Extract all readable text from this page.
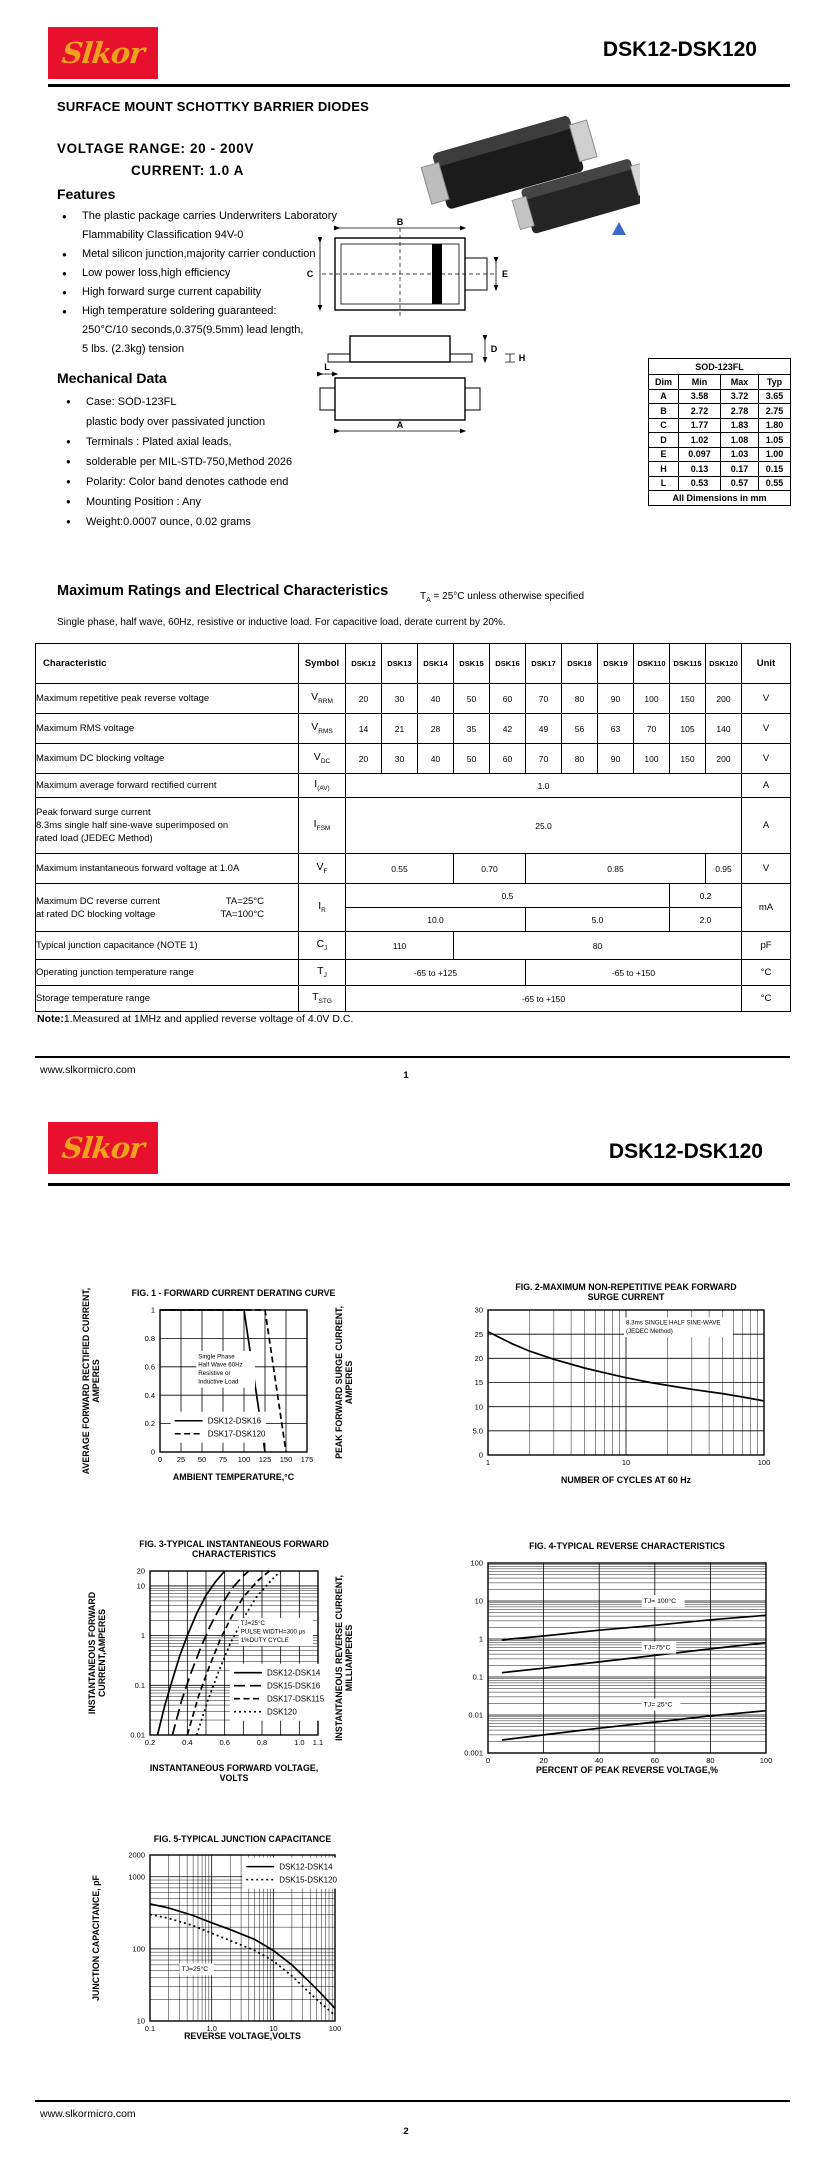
Slkor	DSK12-DSK120
SURFACE MOUNT SCHOTTKY BARRIER DIODES
VOLTAGE RANGE: 20 - 200V
CURRENT: 1.0 A
Features
●	The plastic package carries Underwriters Laboratory
Flammability Classification 94V-0
●	Metal silicon junction,majority carrier conduction
●	Low power loss,high efficiency
●	High forward surge current capability
●	High temperature soldering guaranteed:
250°C/10 seconds,0.375(9.5mm) lead length,
5 lbs. (2.3kg) tension
Mechanical Data
●	Case: SOD-123FL
plastic body over passivated junction
●	Terminals : Plated axial leads,
●	solderable per MIL-STD-750,Method 2026
●	Polarity: Color band denotes cathode end
●	Mounting Position : Any
●	Weight:0.0007 ounce, 0.02 grams
B
C	E
D
H
L
A
SOD-123FL			
Dim	Min	Max	Typ
A	3.58	3.72	3.65
B	2.72	2.78	2.75
C	1.77	1.83	1.80
D	1.02	1.08	1.05
E	0.097	1.03	1.00
H	0.13	0.17	0.15
L	0.53	0.57	0.55
All Dimensions in mm			
Maximum Ratings and Electrical Characteristics	$T_A = 25^\circ C$ unless otherwise specified
Single phase, half wave, 60Hz, resistive or inductive load. For capacitive load, derate current by 20%.
Characteristic	Symbol	DSK12	DSK13	DSK14	DSK15	DSK16	DSK17	DSK18	DSK19	DSK110	DSK115	DSK120	Unit

Maximum repetitive peak reverse voltage	$V_{RRM}$	20	30	40	50	60	70	80	90	100	150	200	V

Maximum RMS voltage	$V_{RMS}$	14	21	28	35	42	49	56	63	70	105	140	V

Maximum DC blocking voltage	$V_{DC}$	20	30	40	50	60	70	80	90	100	150	200	V

Maximum average forward rectified current	$I_{(AV)}$	1.0											A

Peak forward surge current
8.3ms single half sine-wave superimposed on
rated load (JEDEC Method)	$I_{FSM}$	25.0											A

Maximum instantaneous forward voltage at 1.0A	$V_F$	0.55			0.70		0.85					0.95	V

Maximum DC reverse current TA=25°C
at rated DC blocking voltage TA=100°C	$I_R$	0.5									0.2		mA
		10.0					5.0				2.0		

Typical junction capacitance (NOTE 1)	$C_J$	110			80								pF

Operating junction temperature range	$T_J$	-65 to +125					-65 to +150						°C

Storage temperature range	$T_{STG}$	-65 to +150											°C
Note:1.Measured at 1MHz and applied reverse voltage of 4.0V D.C.
www.slkormicro.com	1
Slkor	DSK12-DSK120
0 25 50 75 100 125 150 175
0
0.2
0.4
0.6
0.8
1
FIG. 1 - FORWARD CURRENT DERATING CURVE
AMBIENT TEMPERATURE,°C
AVERAGE FORWARD RECTIFIED CURRENT, AMPERES
DSK12-DSK16
DSK17-DSK120
Single Phase
Half Wave 60Hz
Resistive or
Inductive Load
1	10	100
0
5.0
10
15
20
25
30
FIG. 2-MAXIMUM NON-REPETITIVE PEAK FORWARD
SURGE CURRENT
NUMBER OF CYCLES AT 60 Hz
PEAK FORWARD SURGE CURRENT, AMPERES
8.3ms SINGLE HALF SINE-WAVE
(JEDEC Method)
0.2	0.4	0.6	0.8	1.0 1.1
0.01
0.1
1
10
20
FIG. 3-TYPICAL INSTANTANEOUS FORWARD
CHARACTERISTICS
INSTANTANEOUS FORWARD VOLTAGE,
VOLTS
INSTANTANEOUS FORWARD CURRENT,AMPERES	DSK12-DSK14
DSK15-DSK16
DSK17-DSK115
DSK120
TJ=25°C
PULSE WIDTH=300 μs
1%DUTY CYCLE
0	20	40	60	80	100
0.001
0.01
0.1
1
10
100
FIG. 4-TYPICAL REVERSE CHARACTERISTICS
PERCENT OF PEAK REVERSE VOLTAGE,%
INSTANTANEOUS REVERSE CURRENT, MILLIAMPERES
TJ= 100°C
TJ=75°C
TJ= 25°C
0.1	1.0	10	100
10
100
1000
2000
FIG. 5-TYPICAL JUNCTION CAPACITANCE
REVERSE VOLTAGE,VOLTS
JUNCTION CAPACITANCE, pF
DSK12-DSK14
DSK15-DSK120
TJ=25°C
www.slkormicro.com
2
